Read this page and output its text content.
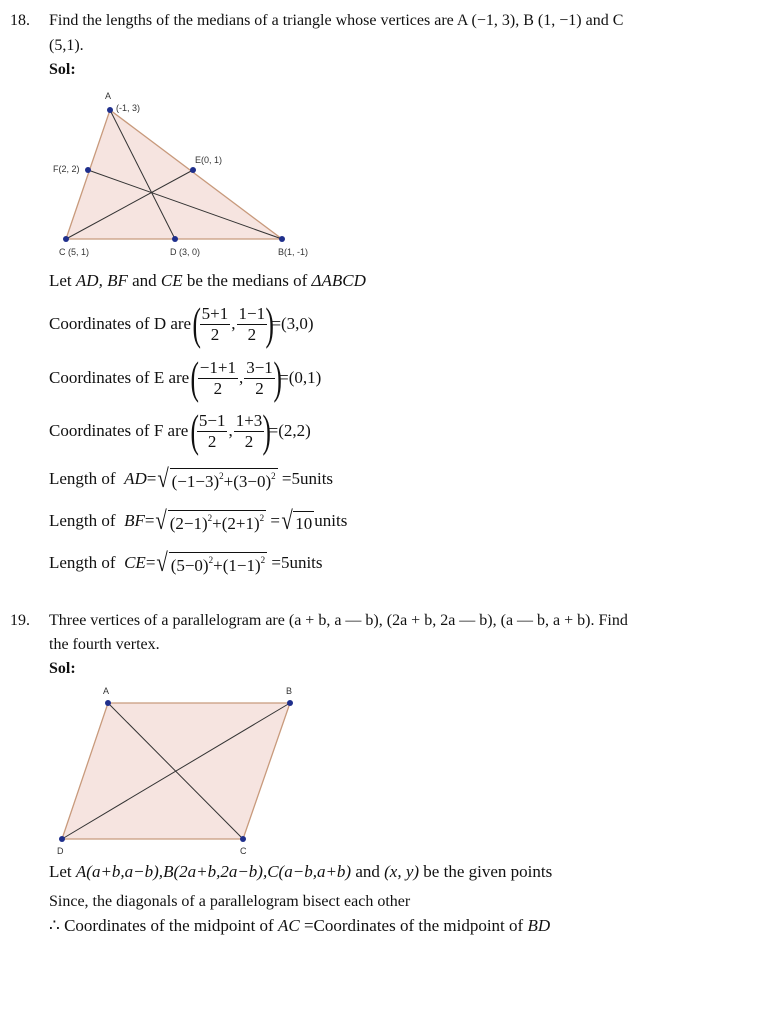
18. Find the lengths of the medians of a triangle whose vertices are A (−1, 3), B (1, −1) and C
(5,1).
Sol:
A
(-1, 3)
E(0, 1)
F(2, 2)
C (5, 1)	D (3, 0)	B(1, -1)
Let
AD, BF and CE be the medians of ΔABCD
Coordinates of D are
(
$\frac{5+1}{2}$ , $\frac{1-1}{2}$
)
=(3,0)
Coordinates of E are
(
$\frac{-1+1}{2}$ , $\frac{3-1}{2}$
)
=(0,1)
Coordinates of F are
(
$\frac{5-1}{2}$ , $\frac{1+3}{2}$
)
=(2,2)
Length of
AD = √ $(-1-3)^2+(3-0)^2$
=5units
Length of
BF = √ $(2-1)^2+(2+1)^2$
= √ 10 units
Length of
CE = √ $(5-0)^2+(1-1)^2$
=5units
19. Three vertices of a parallelogram are (a + b, a — b), (2a + b, 2a — b), (a — b, a + b). Find
the fourth vertex.
Sol:
A	B
C
D
Let A(a+b,a−b), B(2a+b,2a−b), C(a−b,a+b) and (x, y) be the given points
Since, the diagonals of a parallelogram bisect each other
∴ Coordinates of the midpoint of AC = Coordinates of the midpoint of BD
